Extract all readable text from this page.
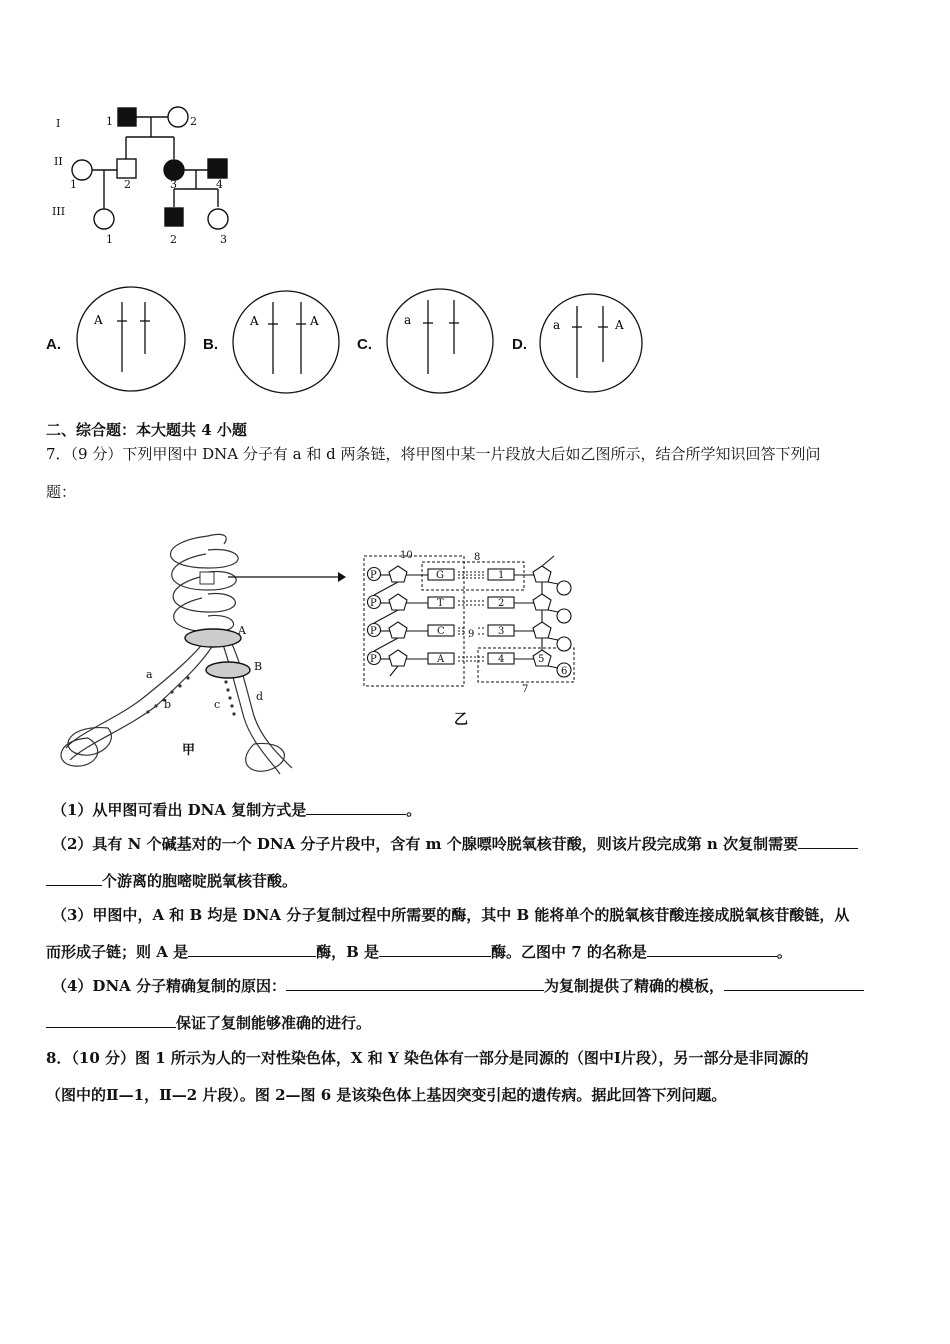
I
II
III
1	2
1	2	3	4
1	2	3
A.
A
B.
A	A
C.
a
D.
a	A
二、综合题：本大题共 4 小题
7．（9 分）下列甲图中 DNA 分子有 a 和 d 两条链，将甲图中某一片段放大后如乙图所示，结合所学知识回答下列问
题：
A
B
a
b	c
d
甲
P
P
P
P
G
T
C
A
1
2
3
4	5
6
7
8
9
10
乙
（1）从甲图可看出 DNA 复制方式是	。
（2）具有 N 个碱基对的一个 DNA 分子片段中，含有 m 个腺嘌呤脱氧核苷酸，则该片段完成第 n 次复制需要
个游离的胞嘧啶脱氧核苷酸。
（3）甲图中，A 和 B 均是 DNA 分子复制过程中所需要的酶，其中 B 能将单个的脱氧核苷酸连接成脱氧核苷酸链，从
而形成子链；则 A 是	酶，B 是	酶。乙图中 7 的名称是	。
（4）DNA 分子精确复制的原因：	为复制提供了精确的模板，
保证了复制能够准确的进行。
8．（10 分）图 1 所示为人的一对性染色体，X 和 Y 染色体有一部分是同源的（图中Ⅰ片段），另一部分是非同源的
（图中的Ⅱ—1，Ⅱ—2 片段）。图 2—图 6 是该染色体上基因突变引起的遗传病。据此回答下列问题。
